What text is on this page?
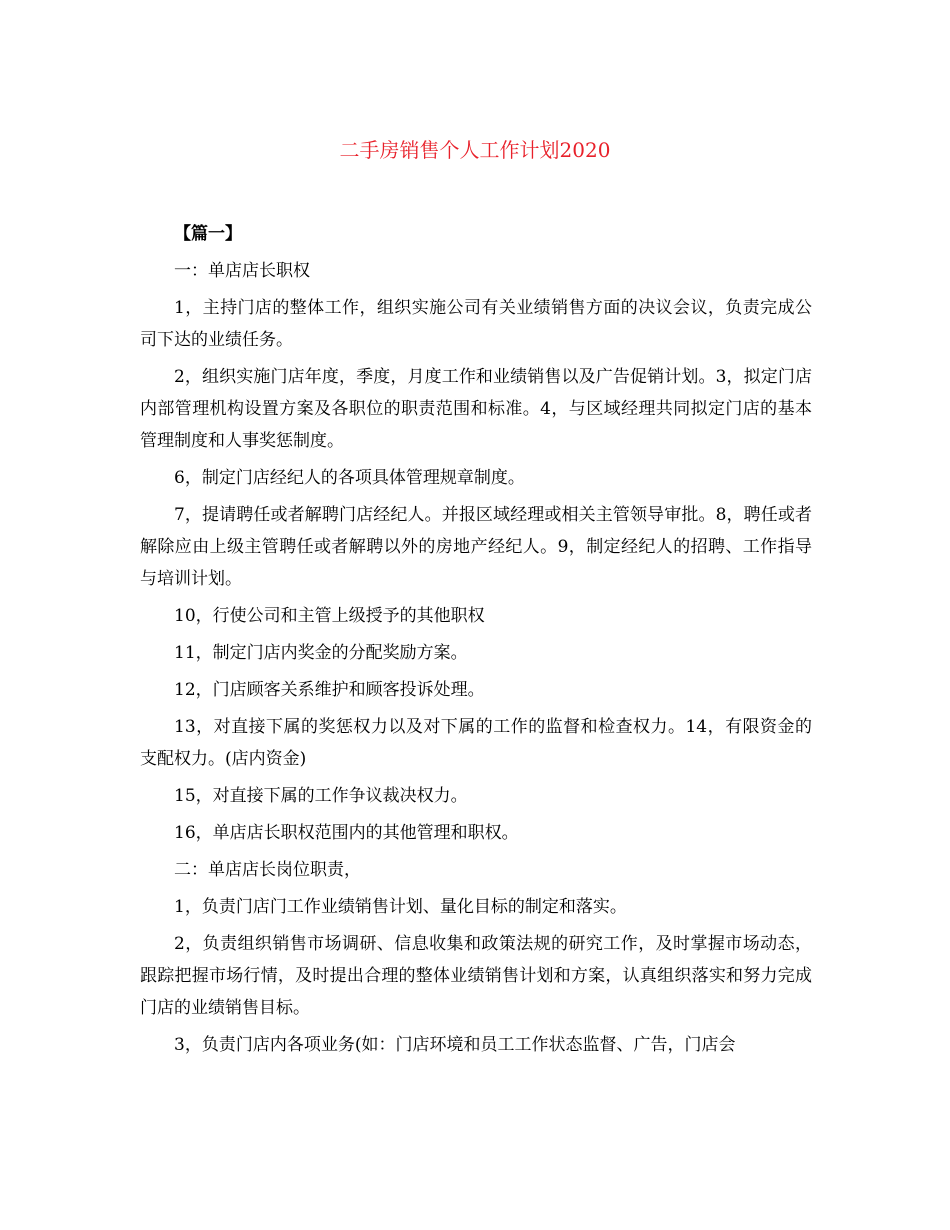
二手房销售个人工作计划2020

【篇一】

一：单店店长职权

1，主持门店的整体工作，组织实施公司有关业绩销售方面的决议会议，负责完成公司下达的业绩任务。

2，组织实施门店年度，季度，月度工作和业绩销售以及广告促销计划。3，拟定门店内部管理机构设置方案及各职位的职责范围和标准。4，与区域经理共同拟定门店的基本管理制度和人事奖惩制度。

6，制定门店经纪人的各项具体管理规章制度。

7，提请聘任或者解聘门店经纪人。并报区域经理或相关主管领导审批。8，聘任或者解除应由上级主管聘任或者解聘以外的房地产经纪人。9，制定经纪人的招聘、工作指导与培训计划。

10，行使公司和主管上级授予的其他职权

11，制定门店内奖金的分配奖励方案。

12，门店顾客关系维护和顾客投诉处理。

13，对直接下属的奖惩权力以及对下属的工作的监督和检查权力。14，有限资金的支配权力。(店内资金)

15，对直接下属的工作争议裁决权力。

16，单店店长职权范围内的其他管理和职权。

二：单店店长岗位职责，

1，负责门店门工作业绩销售计划、量化目标的制定和落实。

2，负责组织销售市场调研、信息收集和政策法规的研究工作，及时掌握市场动态，跟踪把握市场行情，及时提出合理的整体业绩销售计划和方案，认真组织落实和努力完成门店的业绩销售目标。

3，负责门店内各项业务(如：门店环境和员工工作状态监督、广告，门店会
